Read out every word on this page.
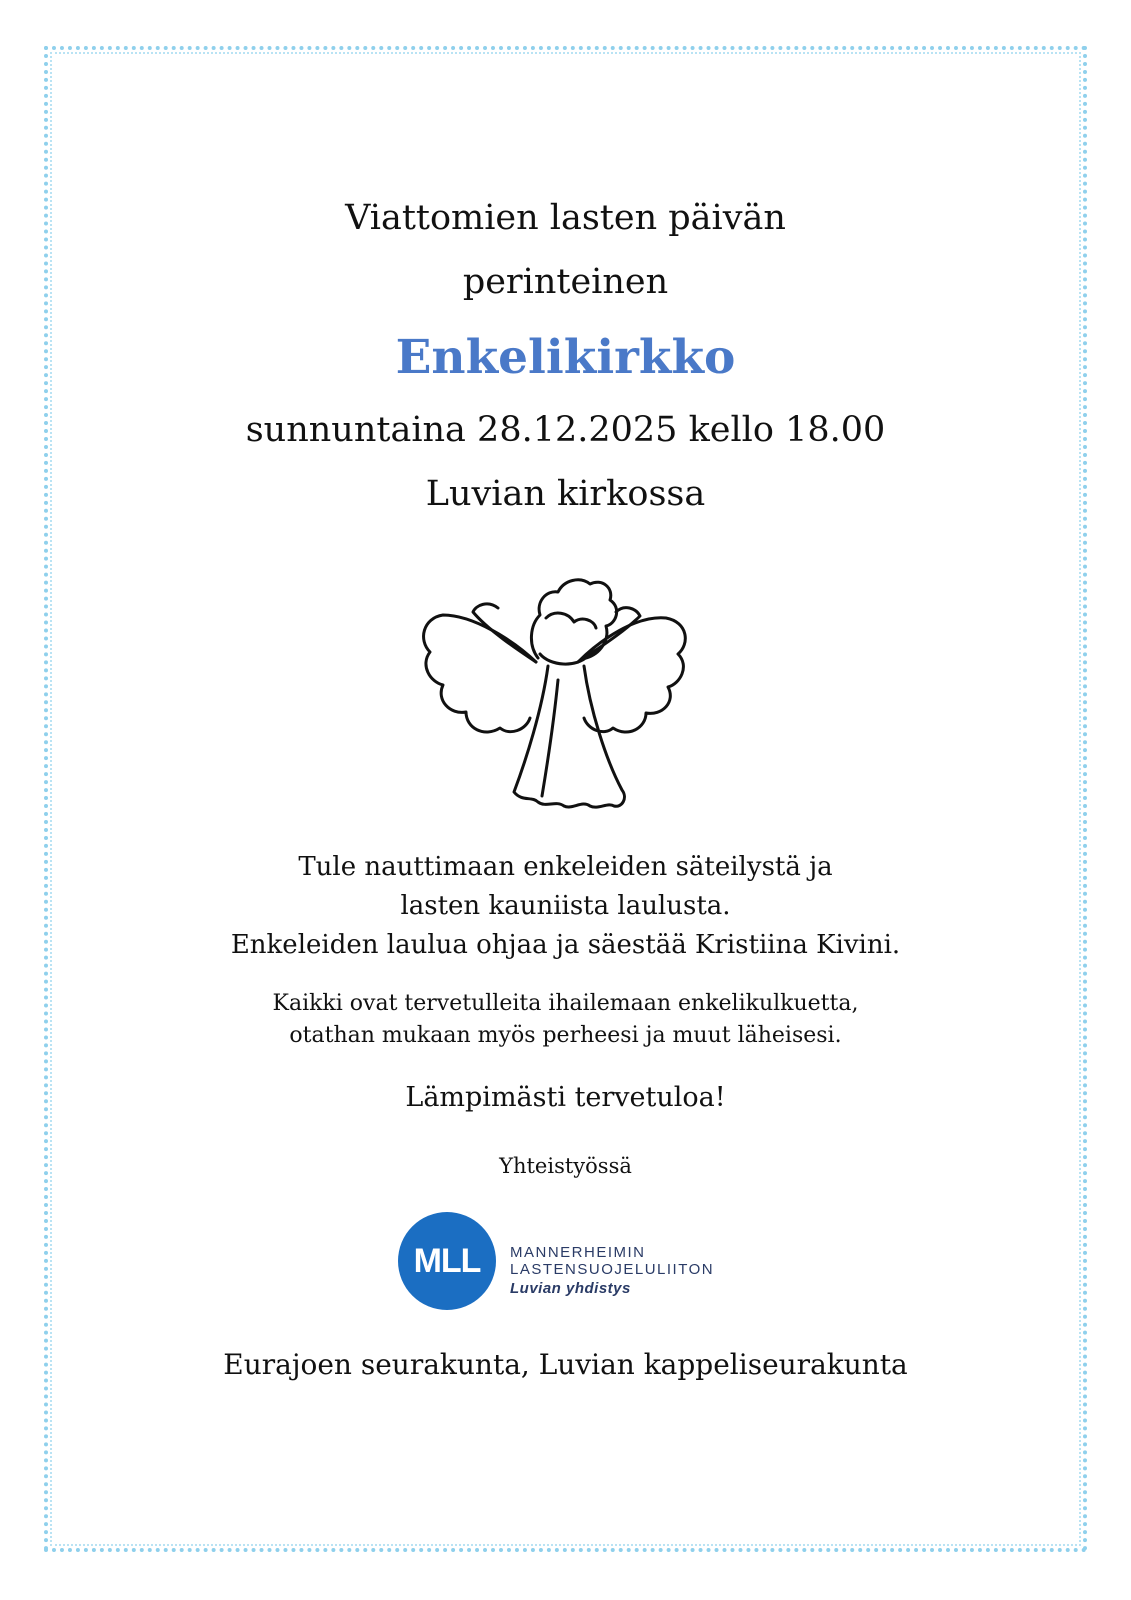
Viattomien lasten päivän
perinteinen
Enkelikirkko
sunnuntaina 28.12.2025 kello 18.00
Luvian kirkossa
Tule nauttimaan enkeleiden säteilystä ja
lasten kauniista laulusta.
Enkeleiden laulua ohjaa ja säestää Kristiina Kivini.
Kaikki ovat tervetulleita ihailemaan enkelikulkuetta,
otathan mukaan myös perheesi ja muut läheisesi.
Lämpimästi tervetuloa!
Yhteistyössä
MLL	MANNERHEIMIN
LASTENSUOJELULIITON
Luvian yhdistys
Eurajoen seurakunta, Luvian kappeliseurakunta
